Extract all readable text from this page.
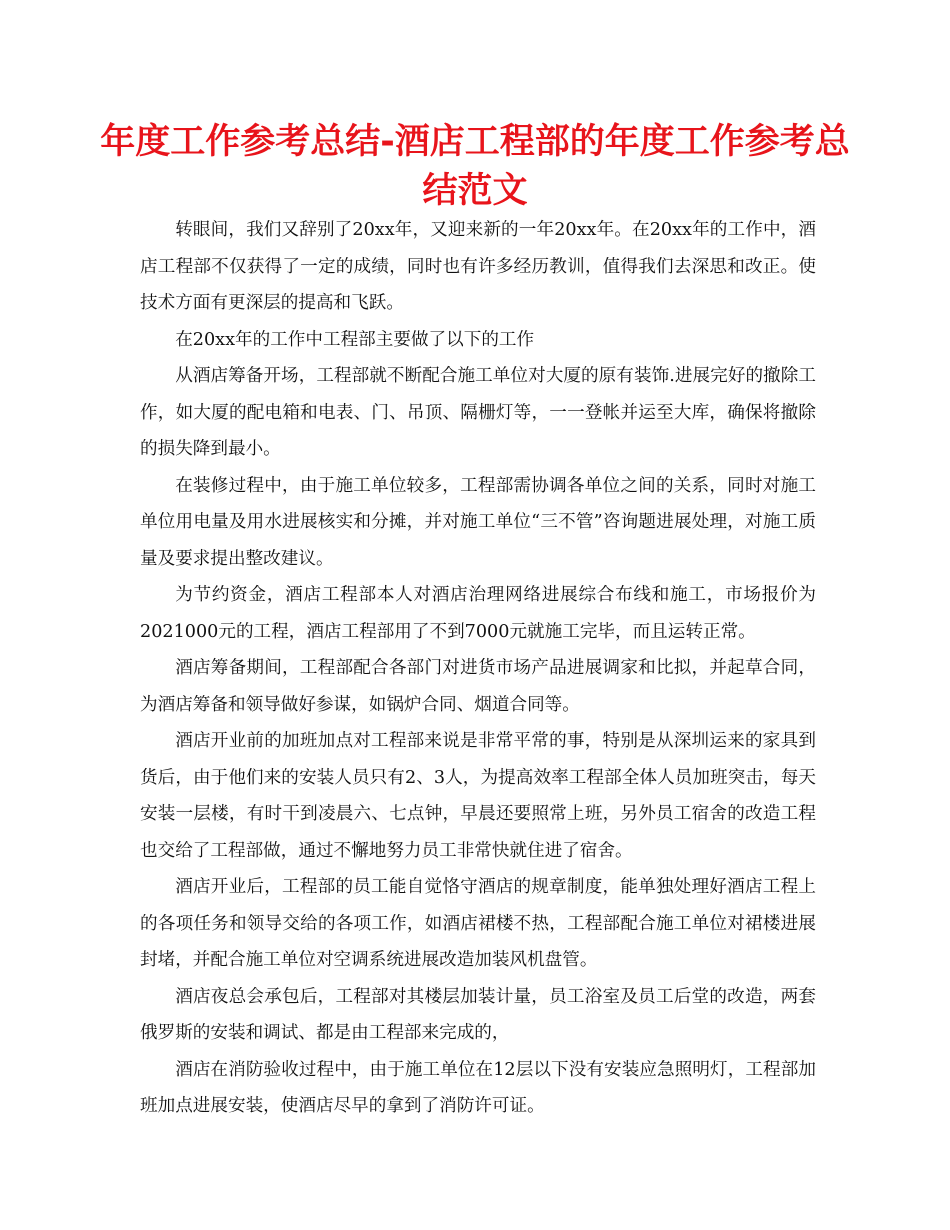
年度工作参考总结-酒店工程部的年度工作参考总结范文

转眼间，我们又辞别了20xx年，又迎来新的一年20xx年。在20xx年的工作中，酒店工程部不仅获得了一定的成绩，同时也有许多经历教训，值得我们去深思和改正。使技术方面有更深层的提高和飞跃。

在20xx年的工作中工程部主要做了以下的工作

从酒店筹备开场，工程部就不断配合施工单位对大厦的原有装饰.进展完好的撤除工作，如大厦的配电箱和电表、门、吊顶、隔栅灯等，一一登帐并运至大库，确保将撤除的损失降到最小。

在装修过程中，由于施工单位较多，工程部需协调各单位之间的关系，同时对施工单位用电量及用水进展核实和分摊，并对施工单位“三不管”咨询题进展处理，对施工质量及要求提出整改建议。

为节约资金，酒店工程部本人对酒店治理网络进展综合布线和施工，市场报价为2021000元的工程，酒店工程部用了不到7000元就施工完毕，而且运转正常。

酒店筹备期间，工程部配合各部门对进货市场产品进展调家和比拟，并起草合同，为酒店筹备和领导做好参谋，如锅炉合同、烟道合同等。

酒店开业前的加班加点对工程部来说是非常平常的事，特别是从深圳运来的家具到货后，由于他们来的安装人员只有2、3人，为提高效率工程部全体人员加班突击，每天安装一层楼，有时干到凌晨六、七点钟，早晨还要照常上班，另外员工宿舍的改造工程也交给了工程部做，通过不懈地努力员工非常快就住进了宿舍。

酒店开业后，工程部的员工能自觉恪守酒店的规章制度，能单独处理好酒店工程上的各项任务和领导交给的各项工作，如酒店裙楼不热，工程部配合施工单位对裙楼进展封堵，并配合施工单位对空调系统进展改造加装风机盘管。

酒店夜总会承包后，工程部对其楼层加装计量，员工浴室及员工后堂的改造，两套俄罗斯的安装和调试、都是由工程部来完成的，

酒店在消防验收过程中，由于施工单位在12层以下没有安装应急照明灯，工程部加班加点进展安装，使酒店尽早的拿到了消防许可证。
